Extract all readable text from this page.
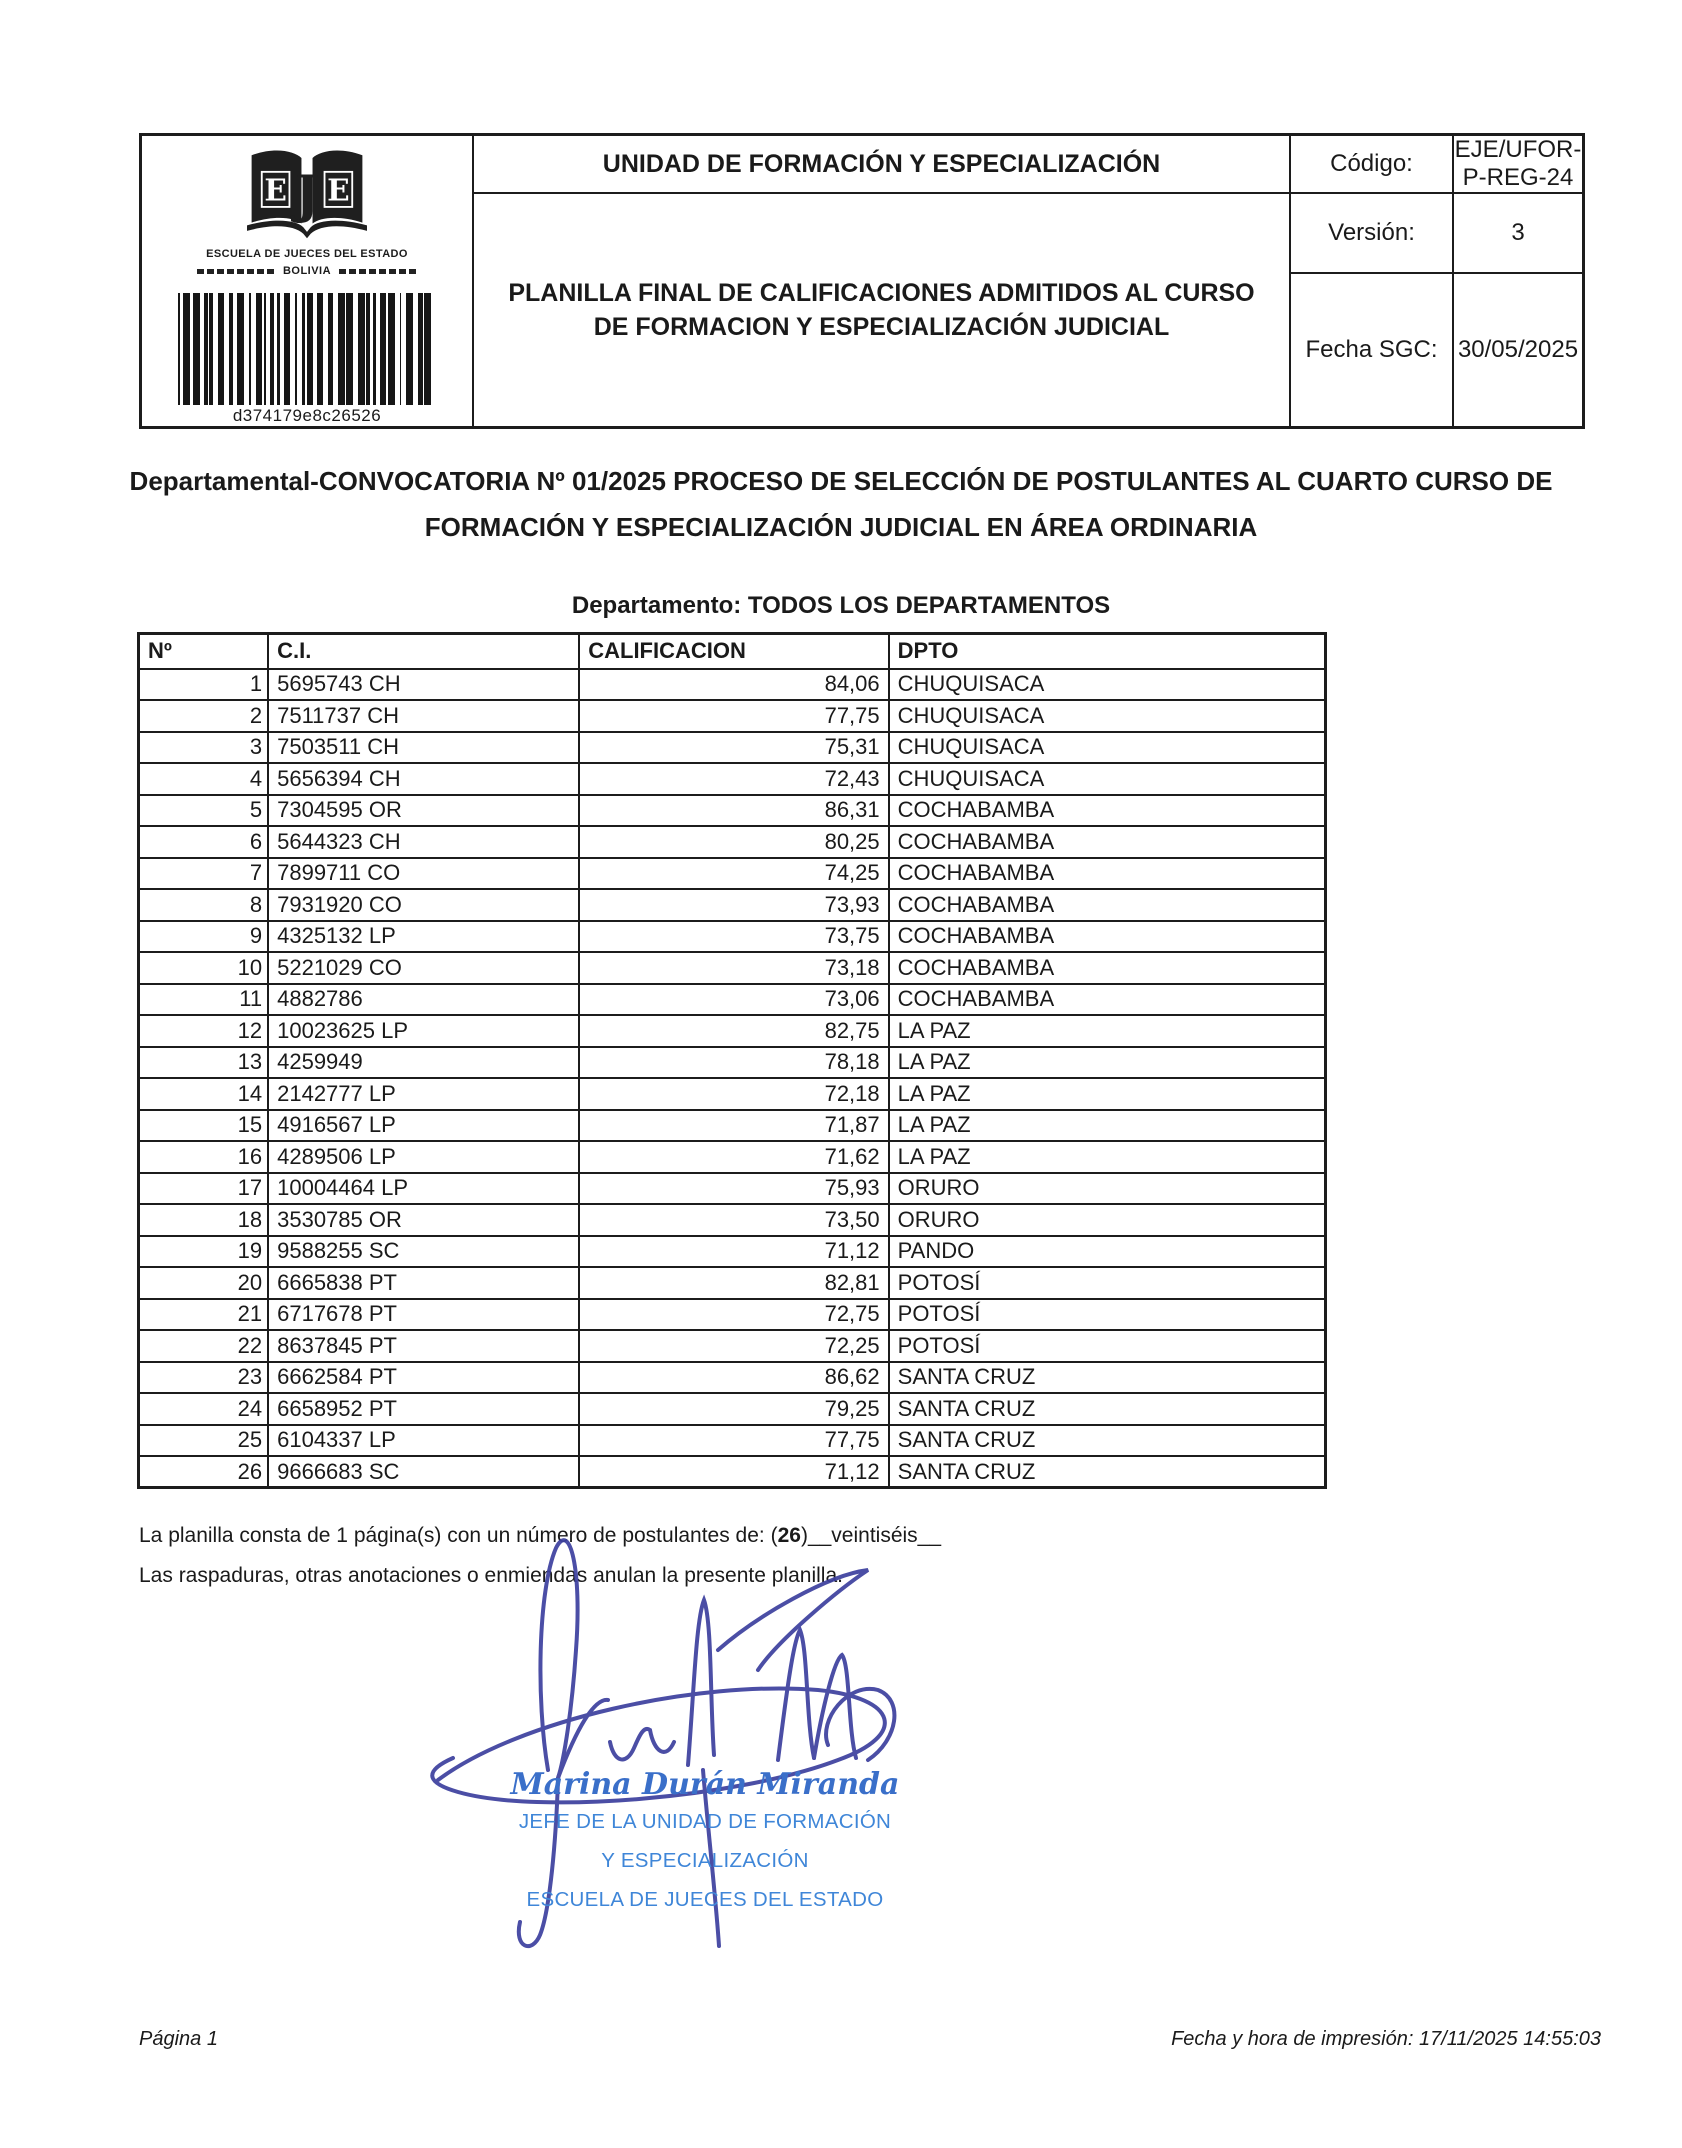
E E
J
ESCUELA DE JUECES DEL ESTADO
BOLIVIA
d374179e8c26526
UNIDAD DE FORMACIÓN Y ESPECIALIZACIÓN
PLANILLA FINAL DE CALIFICACIONES ADMITIDOS AL CURSO DE FORMACION Y ESPECIALIZACIÓN JUDICIAL
Código:
EJE/UFOR-P-REG-24
Versión:	3
Fecha SGC: 30/05/2025
Departamental-CONVOCATORIA Nº 01/2025 PROCESO DE SELECCIÓN DE POSTULANTES AL CUARTO CURSO DE FORMACIÓN Y ESPECIALIZACIÓN JUDICIAL EN ÁREA ORDINARIA
Departamento: TODOS LOS DEPARTAMENTOS
Nº	C.I.	CALIFICACION	DPTO
1	5695743 CH	84,06	CHUQUISACA
2	7511737 CH	77,75	CHUQUISACA
3	7503511 CH	75,31	CHUQUISACA
4	5656394 CH	72,43	CHUQUISACA
5	7304595 OR	86,31	COCHABAMBA
6	5644323 CH	80,25	COCHABAMBA
7	7899711 CO	74,25	COCHABAMBA
8	7931920 CO	73,93	COCHABAMBA
9	4325132 LP	73,75	COCHABAMBA
10	5221029 CO	73,18	COCHABAMBA
11	4882786	73,06	COCHABAMBA
12	10023625 LP	82,75	LA PAZ
13	4259949	78,18	LA PAZ
14	2142777 LP	72,18	LA PAZ
15	4916567 LP	71,87	LA PAZ
16	4289506 LP	71,62	LA PAZ
17	10004464 LP	75,93	ORURO
18	3530785 OR	73,50	ORURO
19	9588255 SC	71,12	PANDO
20	6665838 PT	82,81	POTOSÍ
21	6717678 PT	72,75	POTOSÍ
22	8637845 PT	72,25	POTOSÍ
23	6662584 PT	86,62	SANTA CRUZ
24	6658952 PT	79,25	SANTA CRUZ
25	6104337 LP	77,75	SANTA CRUZ
26	9666683 SC	71,12	SANTA CRUZ
La planilla consta de 1 página(s) con un número de postulantes de: (26)__veintiséis__
Las raspaduras, otras anotaciones o enmiendas anulan la presente planilla.
Marina Durán Miranda
JEFE DE LA UNIDAD DE FORMACIÓN
Y ESPECIALIZACIÓN
ESCUELA DE JUECES DEL ESTADO
Página 1	Fecha y hora de impresión: 17/11/2025 14:55:03
